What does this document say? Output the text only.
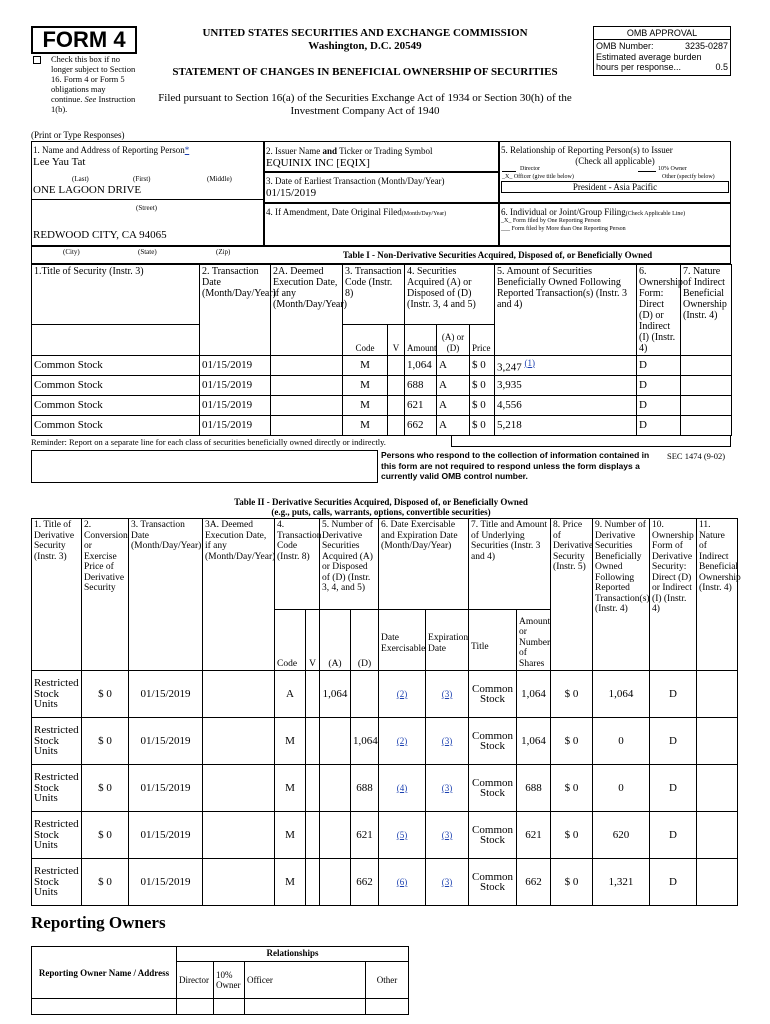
FORM 4
Check this box if no longer subject to Section 16. Form 4 or Form 5 obligations may continue. See Instruction 1(b).
UNITED STATES SECURITIES AND EXCHANGE COMMISSION
Washington, D.C. 20549
STATEMENT OF CHANGES IN BENEFICIAL OWNERSHIP OF SECURITIES
Filed pursuant to Section 16(a) of the Securities Exchange Act of 1934 or Section 30(h) of the
Investment Company Act of 1940
OMB APPROVAL
OMB Number:	3235-0287
Estimated average burden
hours per response...	0.5
(Print or Type Responses)
1. Name and Address of Reporting Person*
Lee Yau Tat
(Last)	(First)	(Middle)
ONE LAGOON DRIVE
(Street)
REDWOOD CITY, CA 94065
2. Issuer Name and Ticker or Trading Symbol
EQUINIX INC [EQIX]
3. Date of Earliest Transaction (Month/Day/Year)
01/15/2019
4. If Amendment, Date Original Filed(Month/Day/Year)
5. Relationship of Reporting Person(s) to Issuer
(Check all applicable)
Director	10% Owner
_X_ Officer (give title below)	Other (specify below)
President - Asia Pacific
6. Individual or Joint/Group Filing(Check Applicable Line)
_X_ Form filed by One Reporting Person
___ Form filed by More than One Reporting Person
(City)	(State)	(Zip)	Table I - Non-Derivative Securities Acquired, Disposed of, or Beneficially Owned
1.Title of Security (Instr. 3)	2. Transaction Date (Month/Day/Year)	2A. Deemed Execution Date, if any (Month/Day/Year)	3. Transaction Code (Instr. 8)		4. Securities Acquired (A) or Disposed of (D) (Instr. 3, 4 and 5)			5. Amount of Securities Beneficially Owned Following Reported Transaction(s) (Instr. 3 and 4)	6. Ownership Form: Direct (D) or Indirect (I) (Instr. 4)	7. Nature of Indirect Beneficial Ownership (Instr. 4)
			Code	V	Amount	(A) or (D)	Price			
Common Stock	01/15/2019		M		1,064	A	$ 0	3,247 $^{(1)}$	D	
Common Stock	01/15/2019		M		688	A	$ 0	3,935	D	
Common Stock	01/15/2019		M		621	A	$ 0	4,556	D	
Common Stock	01/15/2019		M		662	A	$ 0	5,218	D	
Reminder: Report on a separate line for each class of securities beneficially owned directly or indirectly.
Persons who respond to the collection of information contained in this form are not required to respond unless the form displays a currently valid OMB control number.
SEC 1474 (9-02)
Table II - Derivative Securities Acquired, Disposed of, or Beneficially Owned
(e.g., puts, calls, warrants, options, convertible securities)
1. Title of Derivative Security (Instr. 3)	2. Conversion or Exercise Price of Derivative Security	3. Transaction Date (Month/Day/Year)	3A. Deemed Execution Date, if any (Month/Day/Year)	4. Transaction Code (Instr. 8)		5. Number of Derivative Securities Acquired (A) or Disposed of (D) (Instr. 3, 4, and 5)		6. Date Exercisable and Expiration Date (Month/Day/Year)		7. Title and Amount of Underlying Securities (Instr. 3 and 4)		8. Price of Derivative Security (Instr. 5)	9. Number of Derivative Securities Beneficially Owned Following Reported Transaction(s) (Instr. 4)	10. Ownership Form of Derivative Security: Direct (D) or Indirect (I) (Instr. 4)	11. Nature of Indirect Beneficial Ownership (Instr. 4)
				Code	V	(A)	(D)	Date Exercisable	Expiration Date	Title	Amount or Number of Shares				
Restricted Stock Units	$ 0	01/15/2019		A		1,064		(2)	(3)	Common Stock	1,064	$ 0	1,064	D	
Restricted Stock Units	$ 0	01/15/2019		M			1,064	(2)	(3)	Common Stock	1,064	$ 0	0	D	
Restricted Stock Units	$ 0	01/15/2019		M			688	(4)	(3)	Common Stock	688	$ 0	0	D	
Restricted Stock Units	$ 0	01/15/2019		M			621	(5)	(3)	Common Stock	621	$ 0	620	D	
Restricted Stock Units	$ 0	01/15/2019		M			662	(6)	(3)	Common Stock	662	$ 0	1,321	D	
Reporting Owners
Reporting Owner Name / Address	Relationships			
	Director	10% Owner	Officer	Other
